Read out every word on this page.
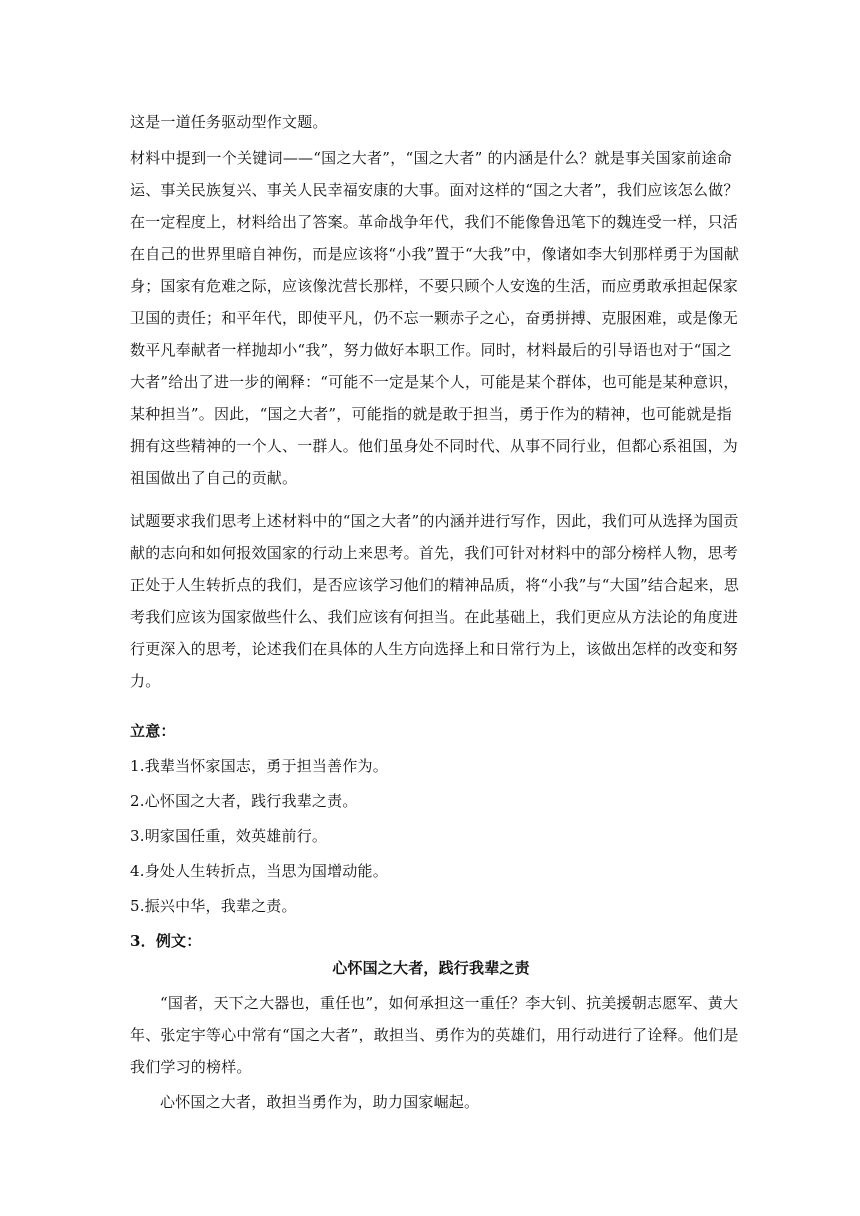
这是一道任务驱动型作文题。
材料中提到一个关键词——“国之大者”，“国之大者” 的内涵是什么？就是事关国家前途命
运、事关民族复兴、事关人民幸福安康的大事。面对这样的“国之大者”，我们应该怎么做？
在一定程度上，材料给出了答案。革命战争年代，我们不能像鲁迅笔下的魏连受一样，只活
在自己的世界里暗自神伤，而是应该将“小我”置于“大我”中，像诸如李大钊那样勇于为国献
身；国家有危难之际，应该像沈营长那样，不要只顾个人安逸的生活，而应勇敢承担起保家
卫国的责任；和平年代，即使平凡，仍不忘一颗赤子之心，奋勇拼搏、克服困难，或是像无
数平凡奉献者一样抛却小“我”，努力做好本职工作。同时，材料最后的引导语也对于“国之
大者”给出了进一步的阐释：“可能不一定是某个人，可能是某个群体，也可能是某种意识，
某种担当”。因此，“国之大者”，可能指的就是敢于担当，勇于作为的精神，也可能就是指
拥有这些精神的一个人、一群人。他们虽身处不同时代、从事不同行业，但都心系祖国，为
祖国做出了自己的贡献。
试题要求我们思考上述材料中的“国之大者”的内涵并进行写作，因此，我们可从选择为国贡
献的志向和如何报效国家的行动上来思考。首先，我们可针对材料中的部分榜样人物，思考
正处于人生转折点的我们，是否应该学习他们的精神品质，将“小我”与“大国”结合起来，思
考我们应该为国家做些什么、我们应该有何担当。在此基础上，我们更应从方法论的角度进
行更深入的思考，论述我们在具体的人生方向选择上和日常行为上，该做出怎样的改变和努
力。
立意：
1.我辈当怀家国志，勇于担当善作为。
2.心怀国之大者，践行我辈之责。
3.明家国任重，效英雄前行。
4.身处人生转折点，当思为国增动能。
5.振兴中华，我辈之责。
3．例文：
心怀国之大者，践行我辈之责
“国者，天下之大器也，重任也”，如何承担这一重任？李大钊、抗美援朝志愿军、黄大
年、张定宇等心中常有“国之大者”，敢担当、勇作为的英雄们，用行动进行了诠释。他们是
我们学习的榜样。
心怀国之大者，敢担当勇作为，助力国家崛起。
